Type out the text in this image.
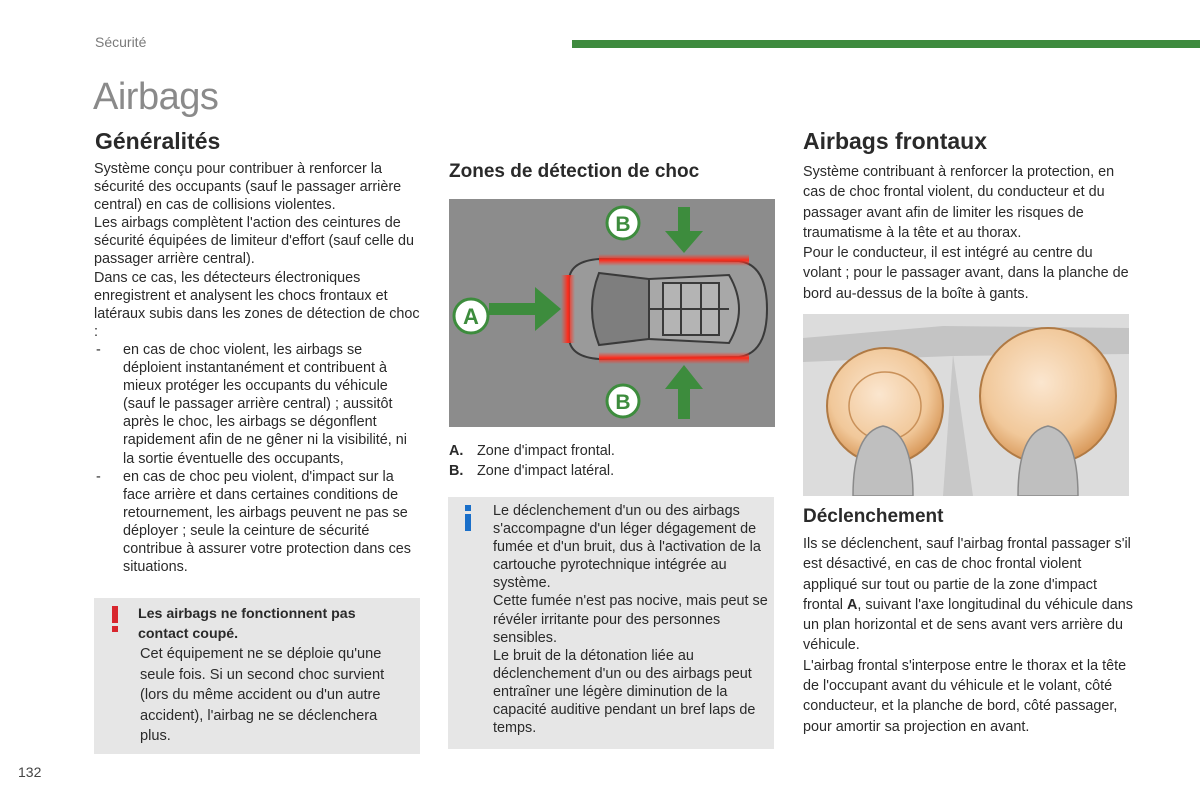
Sécurité
Airbags
Généralités

Système conçu pour contribuer à renforcer la sécurité des occupants (sauf le passager arrière central) en cas de collisions violentes.

Les airbags complètent l'action des ceintures de sécurité équipées de limiteur d'effort (sauf celle du passager arrière central).

Dans ce cas, les détecteurs électroniques enregistrent et analysent les chocs frontaux et latéraux subis dans les zones de détection de choc :

- en cas de choc violent, les airbags se déploient instantanément et contribuent à mieux protéger les occupants du véhicule (sauf le passager arrière central) ; aussitôt après le choc, les airbags se dégonflent rapidement afin de ne gêner ni la visibilité, ni la sortie éventuelle des occupants,
- en cas de choc peu violent, d'impact sur la face arrière et dans certaines conditions de retournement, les airbags peuvent ne pas se déployer ; seule la ceinture de sécurité contribue à assurer votre protection dans ces situations.
Les airbags ne fonctionnent pas contact coupé.
Cet équipement ne se déploie qu'une seule fois. Si un second choc survient (lors du même accident ou d'un autre accident), l'airbag ne se déclenchera plus.
Zones de détection de choc
A
B
B
A. Zone d'impact frontal.
B. Zone d'impact latéral.

Le déclenchement d'un ou des airbags s'accompagne d'un léger dégagement de fumée et d'un bruit, dus à l'activation de la cartouche pyrotechnique intégrée au système.

Cette fumée n'est pas nocive, mais peut se révéler irritante pour des personnes sensibles.

Le bruit de la détonation liée au déclenchement d'un ou des airbags peut entraîner une légère diminution de la capacité auditive pendant un bref laps de temps.

Airbags frontaux

Système contribuant à renforcer la protection, en cas de choc frontal violent, du conducteur et du passager avant afin de limiter les risques de traumatisme à la tête et au thorax.

Pour le conducteur, il est intégré au centre du volant ; pour le passager avant, dans la planche de bord au-dessus de la boîte à gants.

Déclenchement

Ils se déclenchent, sauf l'airbag frontal passager s'il est désactivé, en cas de choc frontal violent appliqué sur tout ou partie de la zone d'impact frontal A, suivant l'axe longitudinal du véhicule dans un plan horizontal et de sens avant vers arrière du véhicule.

L'airbag frontal s'interpose entre le thorax et la tête de l'occupant avant du véhicule et le volant, côté conducteur, et la planche de bord, côté passager, pour amortir sa projection en avant.

132
